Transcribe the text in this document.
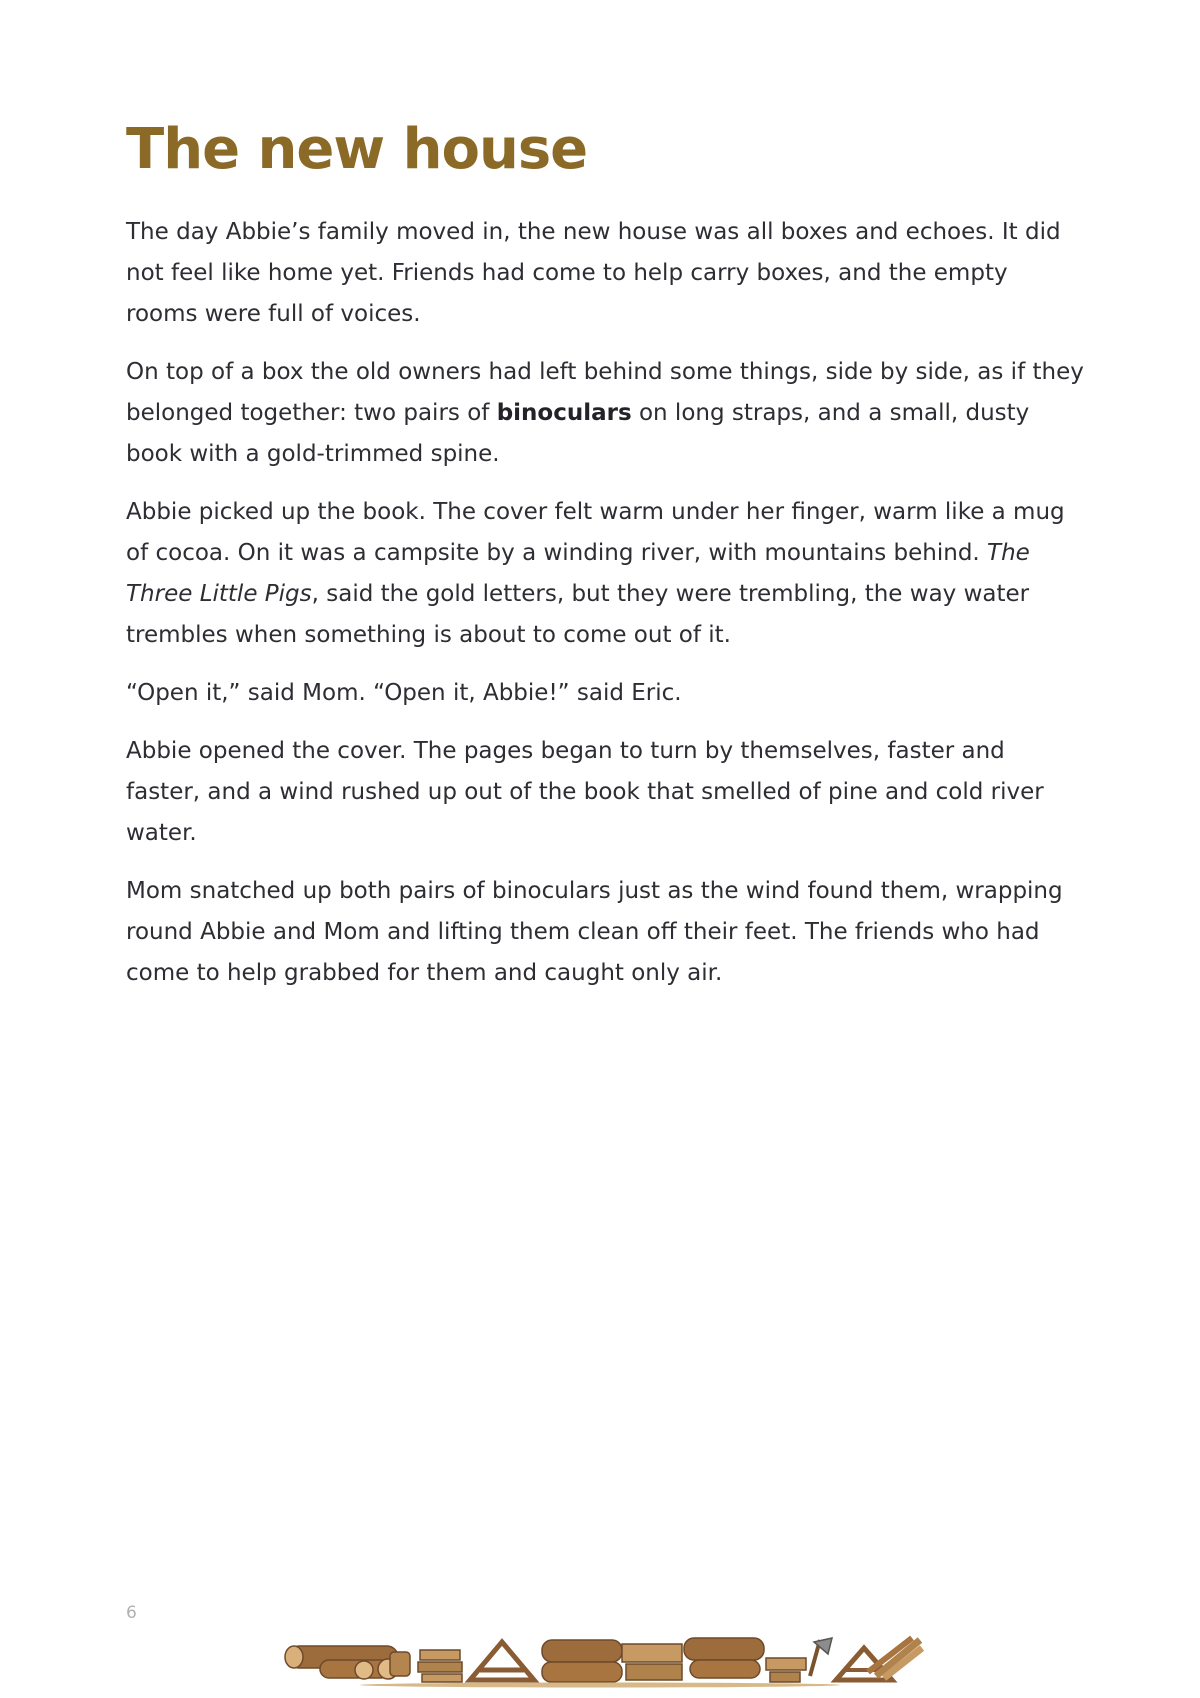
The new house

The day Abbie’s family moved in, the new house was all boxes and echoes. It did not feel like home yet. Friends had come to help carry boxes, and the empty rooms were full of voices.

On top of a box the old owners had left behind some things, side by side, as if they belonged together: two pairs of binoculars on long straps, and a small, dusty book with a gold-trimmed spine.

Abbie picked up the book. The cover felt warm under her finger, warm like a mug of cocoa. On it was a campsite by a winding river, with mountains behind. The Three Little Pigs, said the gold letters, but they were trembling, the way water trembles when something is about to come out of it.

“Open it,” said Mom. “Open it, Abbie!” said Eric.

Abbie opened the cover. The pages began to turn by themselves, faster and faster, and a wind rushed up out of the book that smelled of pine and cold river water.

Mom snatched up both pairs of binoculars just as the wind found them, wrapping round Abbie and Mom and lifting them clean off their feet. The friends who had come to help grabbed for them and caught only air.

6
